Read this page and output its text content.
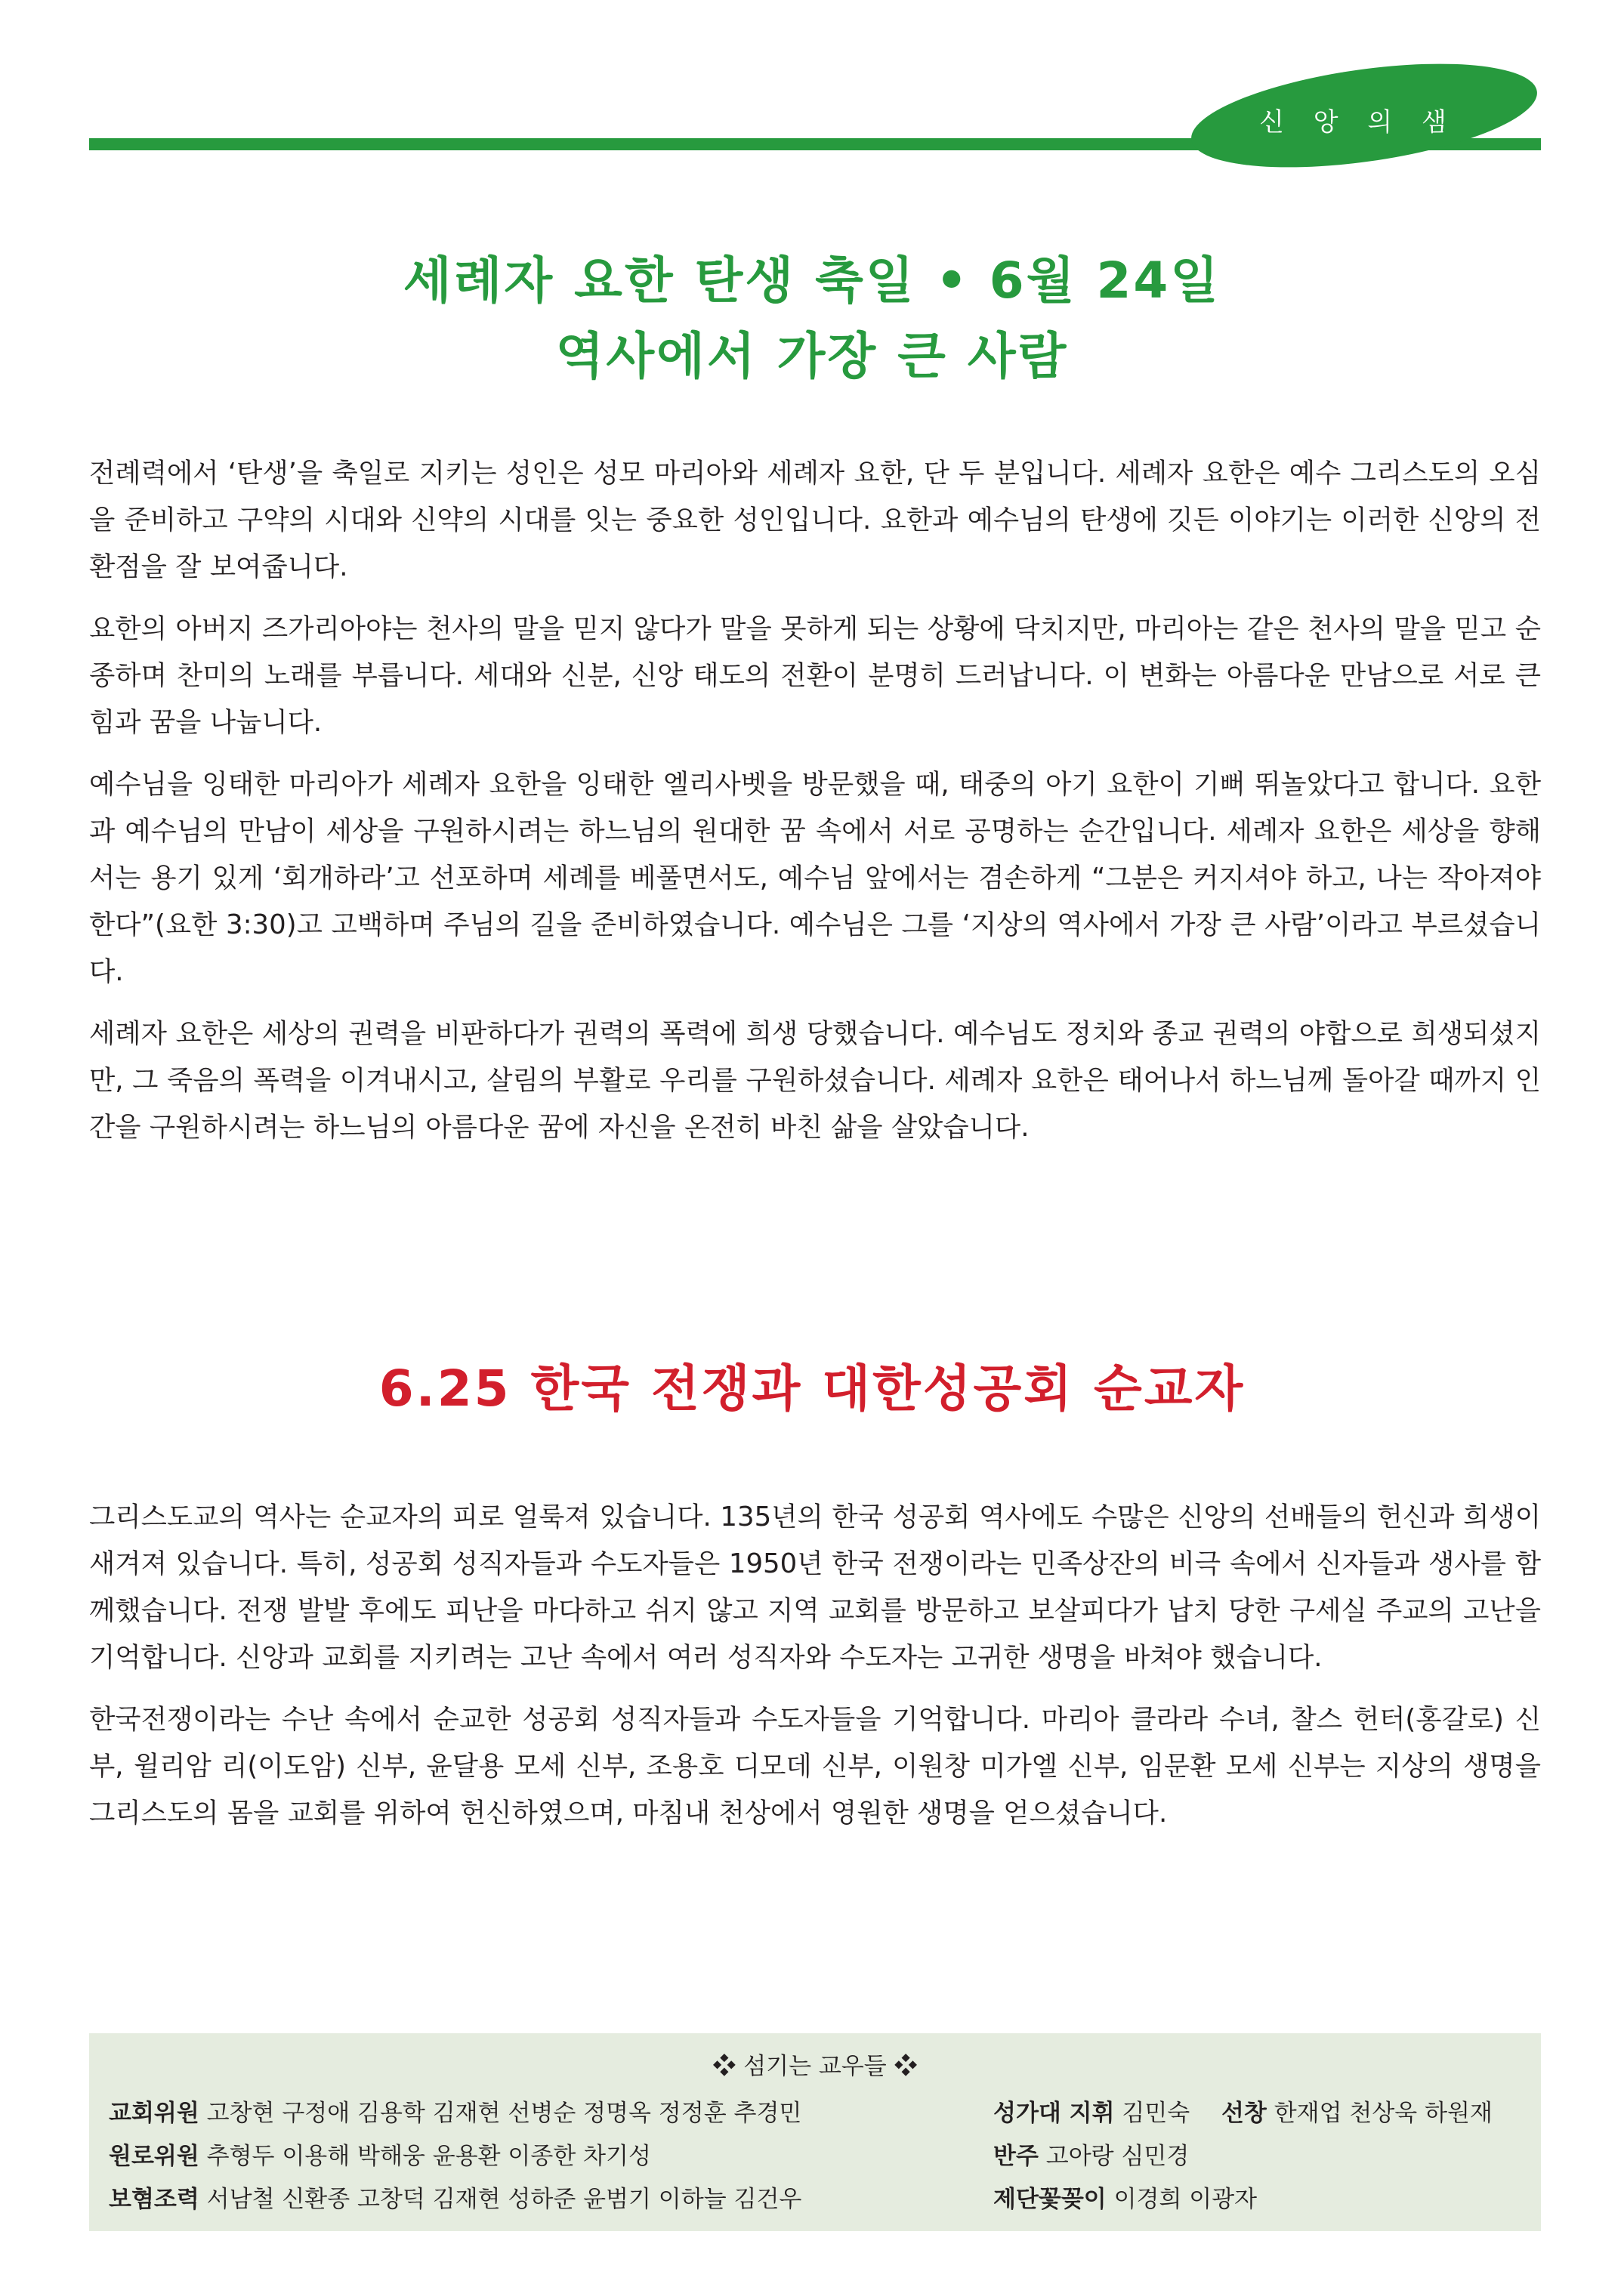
신 앙 의 샘
세례자 요한 탄생 축일 • 6월 24일
역사에서 가장 큰 사람

전례력에서 ‘탄생’을 축일로 지키는 성인은 성모 마리아와 세례자 요한, 단 두 분입니다. 세례자 요한은 예수 그리스도의 오심을 준비하고 구약의 시대와 신약의 시대를 잇는 중요한 성인입니다. 요한과 예수님의 탄생에 깃든 이야기는 이러한 신앙의 전환점을 잘 보여줍니다.

요한의 아버지 즈가리아야는 천사의 말을 믿지 않다가 말을 못하게 되는 상황에 닥치지만, 마리아는 같은 천사의 말을 믿고 순종하며 찬미의 노래를 부릅니다. 세대와 신분, 신앙 태도의 전환이 분명히 드러납니다. 이 변화는 아름다운 만남으로 서로 큰 힘과 꿈을 나눕니다.

예수님을 잉태한 마리아가 세례자 요한을 잉태한 엘리사벳을 방문했을 때, 태중의 아기 요한이 기뻐 뛰놀았다고 합니다. 요한과 예수님의 만남이 세상을 구원하시려는 하느님의 원대한 꿈 속에서 서로 공명하는 순간입니다. 세례자 요한은 세상을 향해서는 용기 있게 ‘회개하라’고 선포하며 세례를 베풀면서도, 예수님 앞에서는 겸손하게 “그분은 커지셔야 하고, 나는 작아져야 한다”(요한 3:30)고 고백하며 주님의 길을 준비하였습니다. 예수님은 그를 ‘지상의 역사에서 가장 큰 사람’이라고 부르셨습니다.

세례자 요한은 세상의 권력을 비판하다가 권력의 폭력에 희생 당했습니다. 예수님도 정치와 종교 권력의 야합으로 희생되셨지만, 그 죽음의 폭력을 이겨내시고, 살림의 부활로 우리를 구원하셨습니다. 세례자 요한은 태어나서 하느님께 돌아갈 때까지 인간을 구원하시려는 하느님의 아름다운 꿈에 자신을 온전히 바친 삶을 살았습니다.

6.25 한국 전쟁과 대한성공회 순교자

그리스도교의 역사는 순교자의 피로 얼룩져 있습니다. 135년의 한국 성공회 역사에도 수많은 신앙의 선배들의 헌신과 희생이 새겨져 있습니다. 특히, 성공회 성직자들과 수도자들은 1950년 한국 전쟁이라는 민족상잔의 비극 속에서 신자들과 생사를 함께했습니다. 전쟁 발발 후에도 피난을 마다하고 쉬지 않고 지역 교회를 방문하고 보살피다가 납치 당한 구세실 주교의 고난을 기억합니다. 신앙과 교회를 지키려는 고난 속에서 여러 성직자와 수도자는 고귀한 생명을 바쳐야 했습니다.

한국전쟁이라는 수난 속에서 순교한 성공회 성직자들과 수도자들을 기억합니다. 마리아 클라라 수녀, 찰스 헌터(홍갈로) 신부, 윌리암 리(이도암) 신부, 윤달용 모세 신부, 조용호 디모데 신부, 이원창 미가엘 신부, 임문환 모세 신부는 지상의 생명을 그리스도의 몸을 교회를 위하여 헌신하였으며, 마침내 천상에서 영원한 생명을 얻으셨습니다.

❖ 섬기는 교우들 ❖
교회위원 고창현 구정애 김용학 김재현 선병순 정명옥 정정훈 추경민
원로위원 추형두 이용해 박해웅 윤용환 이종한 차기성
보혐조력 서남철 신환종 고창덕 김재현 성하준 윤범기 이하늘 김건우
성가대 지휘 김민숙 선창 한재업 천상욱 하원재
반주 고아랑 심민경
제단꽃꽂이 이경희 이광자
